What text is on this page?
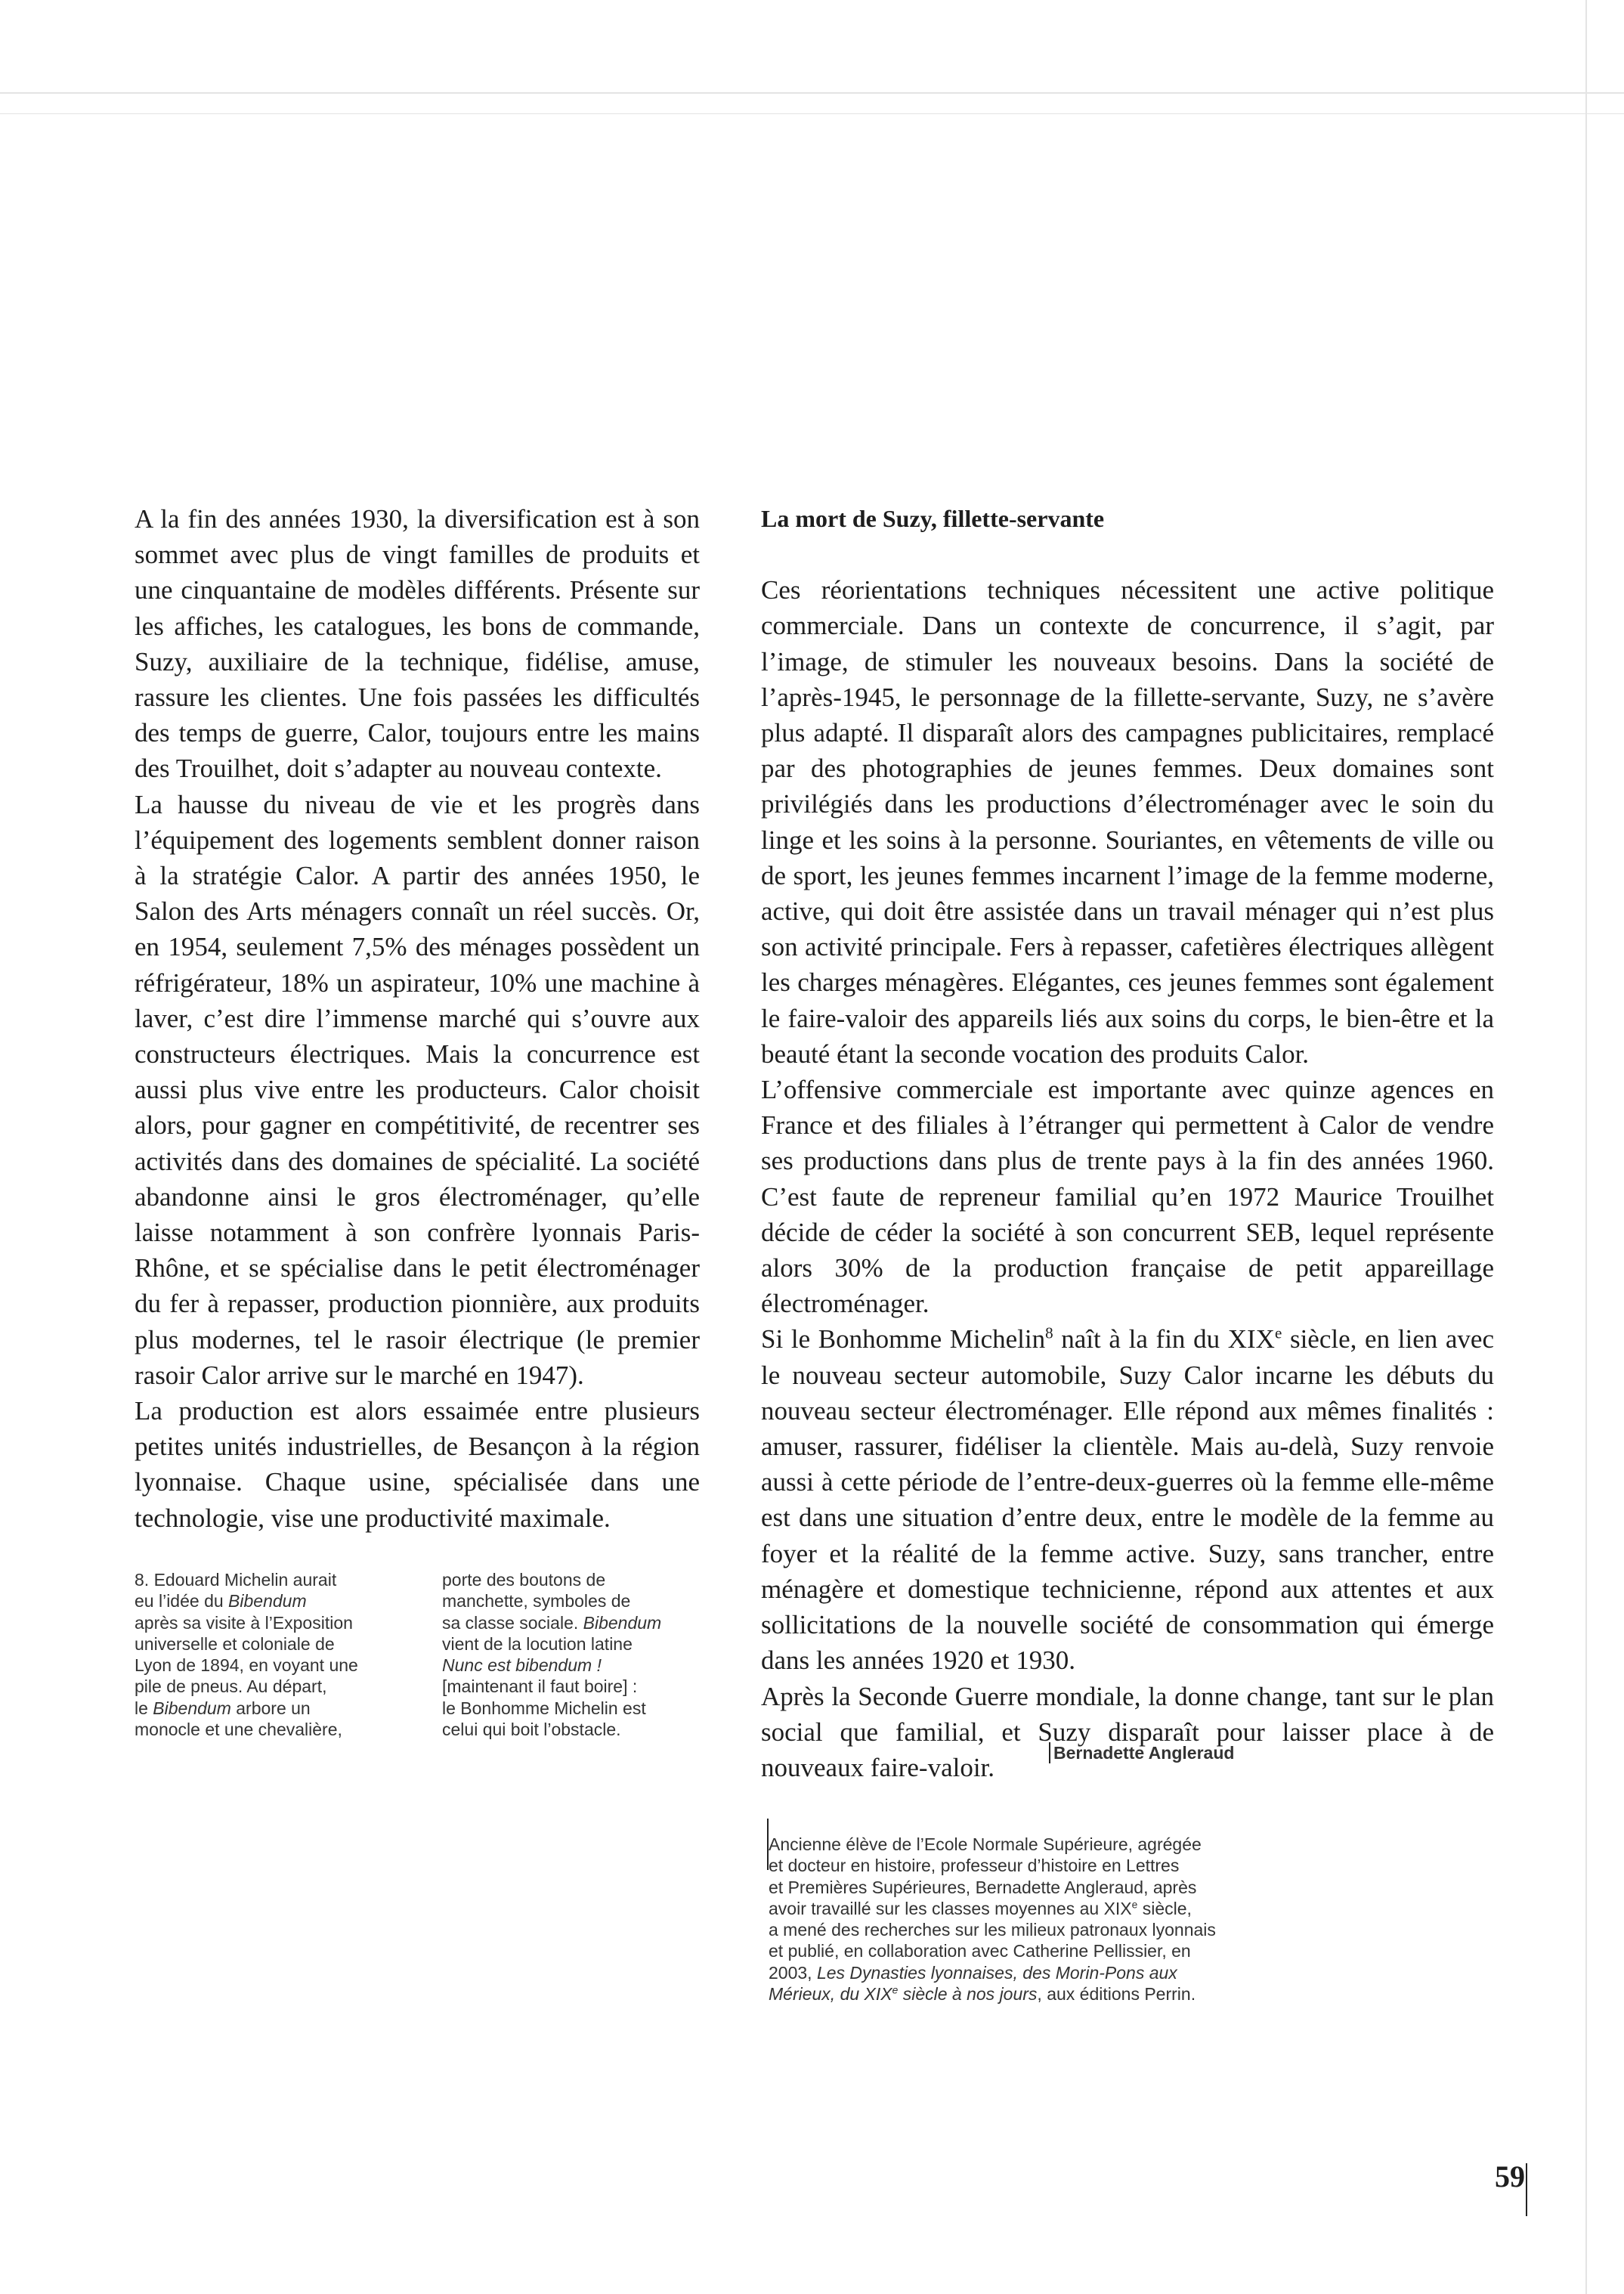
A la fin des années 1930, la diversification est à son sommet avec plus de vingt familles de produits et une cinquantaine de modèles différents. Présente sur les affiches, les catalogues, les bons de commande, Suzy, auxiliaire de la technique, fidélise, amuse, rassure les clientes. Une fois passées les difficultés des temps de guerre, Calor, toujours entre les mains des Trouilhet, doit s’adapter au nouveau contexte.

La hausse du niveau de vie et les progrès dans l’équipement des logements semblent donner raison à la stratégie Calor. A partir des années 1950, le Salon des Arts ménagers connaît un réel succès. Or, en 1954, seulement 7,5% des ménages possèdent un réfrigérateur, 18% un aspirateur, 10% une machine à laver, c’est dire l’immense marché qui s’ouvre aux constructeurs électriques. Mais la concurrence est aussi plus vive entre les producteurs. Calor choisit alors, pour gagner en compétitivité, de recentrer ses activités dans des domaines de spécialité. La société abandonne ainsi le gros électroménager, qu’elle laisse notamment à son confrère lyonnais Paris-Rhône, et se spécialise dans le petit électroménager du fer à repasser, production pionnière, aux produits plus modernes, tel le rasoir électrique (le premier rasoir Calor arrive sur le marché en 1947).

La production est alors essaimée entre plusieurs petites unités industrielles, de Besançon à la région lyonnaise. Chaque usine, spécialisée dans une technologie, vise une productivité maximale.

La mort de Suzy, fillette-servante

Ces réorientations techniques nécessitent une active politique commerciale. Dans un contexte de concurrence, il s’agit, par l’image, de stimuler les nouveaux besoins. Dans la société de l’après-1945, le personnage de la fillette-servante, Suzy, ne s’avère plus adapté. Il disparaît alors des campagnes publicitaires, remplacé par des photographies de jeunes femmes. Deux domaines sont privilégiés dans les productions d’électroménager avec le soin du linge et les soins à la personne. Souriantes, en vêtements de ville ou de sport, les jeunes femmes incarnent l’image de la femme moderne, active, qui doit être assistée dans un travail ménager qui n’est plus son activité principale. Fers à repasser, cafetières électriques allègent les charges ménagères. Elégantes, ces jeunes femmes sont également le faire-valoir des appareils liés aux soins du corps, le bien-être et la beauté étant la seconde vocation des produits Calor.

L’offensive commerciale est importante avec quinze agences en France et des filiales à l’étranger qui permettent à Calor de vendre ses productions dans plus de trente pays à la fin des années 1960. C’est faute de repreneur familial qu’en 1972 Maurice Trouilhet décide de céder la société à son concurrent SEB, lequel représente alors 30% de la production française de petit appareillage électroménager.

Si le Bonhomme Michelin$^8$ naît à la fin du XIXe siècle, en lien avec le nouveau secteur automobile, Suzy Calor incarne les débuts du nouveau secteur électroménager. Elle répond aux mêmes finalités : amuser, rassurer, fidéliser la clientèle. Mais au-delà, Suzy renvoie aussi à cette période de l’entre-deux-guerres où la femme elle-même est dans une situation d’entre deux, entre le modèle de la femme au foyer et la réalité de la femme active. Suzy, sans trancher, entre ménagère et domestique technicienne, répond aux attentes et aux sollicitations de la nouvelle société de consommation qui émerge dans les années 1920 et 1930.

Après la Seconde Guerre mondiale, la donne change, tant sur le plan social que familial, et Suzy disparaît pour laisser place à de nouveaux faire-valoir.

8. Edouard Michelin aurait

eu l’idée du Bibendum

après sa visite à l’Exposition

universelle et coloniale de

Lyon de 1894, en voyant une

pile de pneus. Au départ,

le Bibendum arbore un

monocle et une chevalière,

porte des boutons de

manchette, symboles de

sa classe sociale. Bibendum

vient de la locution latine

Nunc est bibendum !

[maintenant il faut boire] :

le Bonhomme Michelin est

celui qui boit l’obstacle.

Bernadette Angleraud

Ancienne élève de l’Ecole Normale Supérieure, agrégée

et docteur en histoire, professeur d’histoire en Lettres

et Premières Supérieures, Bernadette Angleraud, après

avoir travaillé sur les classes moyennes au XIXe siècle,

a mené des recherches sur les milieux patronaux lyonnais

et publié, en collaboration avec Catherine Pellissier, en

2003, Les Dynasties lyonnaises, des Morin-Pons aux

Mérieux, du XIXe siècle à nos jours, aux éditions Perrin.

59
